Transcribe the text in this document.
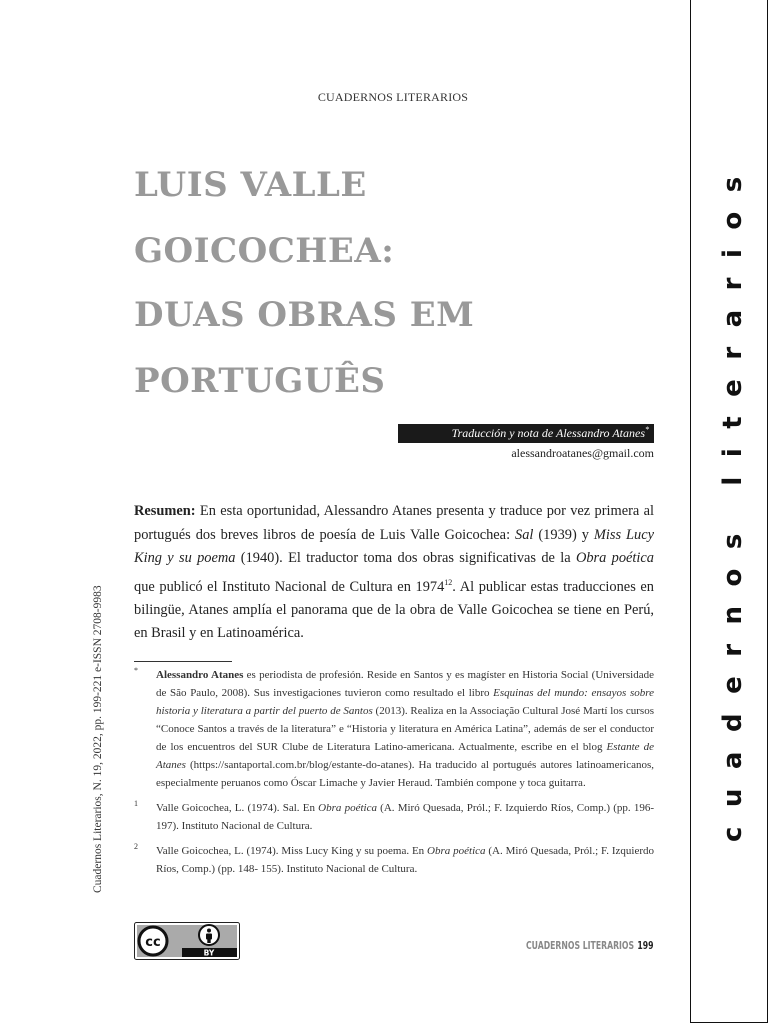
CUADERNOS LITERARIOS
LUIS VALLE
GOICOCHEA:
DUAS OBRAS EM
PORTUGUÊS
Traducción y nota de Alessandro Atanes*
alessandroatanes@gmail.com
Resumen: En esta oportunidad, Alessandro Atanes presenta y traduce por vez primera al portugués dos breves libros de poesía de Luis Valle Goicochea: Sal (1939) y Miss Lucy King y su poema (1940). El traductor toma dos obras significativas de la Obra poética que publicó el Instituto Nacional de Cultura en 1974$^{12}$. Al publicar estas traducciones en bilingüe, Atanes amplía el panorama que de la obra de Valle Goicochea se tiene en Perú, en Brasil y en Latinoamérica.
* Alessandro Atanes es periodista de profesión. Reside en Santos y es magíster en Historia Social (Universidade de São Paulo, 2008). Sus investigaciones tuvieron como resultado el libro Esquinas del mundo: ensayos sobre historia y literatura a partir del puerto de Santos (2013). Realiza en la Associação Cultural José Martí los cursos “Conoce Santos a través de la literatura” e “Historia y literatura en América Latina”, además de ser el conductor de los encuentros del SUR Clube de Literatura Latino-americana. Actualmente, escribe en el blog Estante de Atanes (https://santaportal.com.br/blog/estante-do-atanes). Ha traducido al portugués autores latinoamericanos, especialmente peruanos como Óscar Limache y Javier Heraud. También compone y toca guitarra.
1 Valle Goicochea, L. (1974). Sal. En Obra poética (A. Miró Quesada, Pról.; F. Izquierdo Ríos, Comp.) (pp. 196-197). Instituto Nacional de Cultura.
2 Valle Goicochea, L. (1974). Miss Lucy King y su poema. En Obra poética (A. Miró Quesada, Pról.; F. Izquierdo Ríos, Comp.) (pp. 148- 155). Instituto Nacional de Cultura.
Cuadernos Literarios, N. 19, 2022, pp. 199-221 e-ISSN 2708-9983	cuadernos literarios
cc
BY
CUADERNOS LITERARIOS 199
